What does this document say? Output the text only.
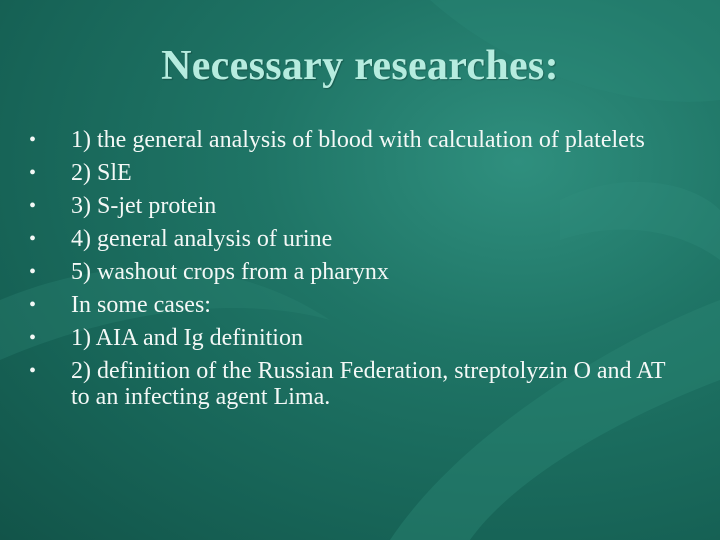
Necessary researches:
•	1) the general analysis of blood with calculation of platelets
•	2) SlE
•	3) S-jet protein
•	4) general analysis of urine
•	5) washout crops from a pharynx
•	In some cases:
•	1) AIA and Ig definition
•	2) definition of the Russian Federation, streptolyzin O and AT to an infecting agent Lima.
